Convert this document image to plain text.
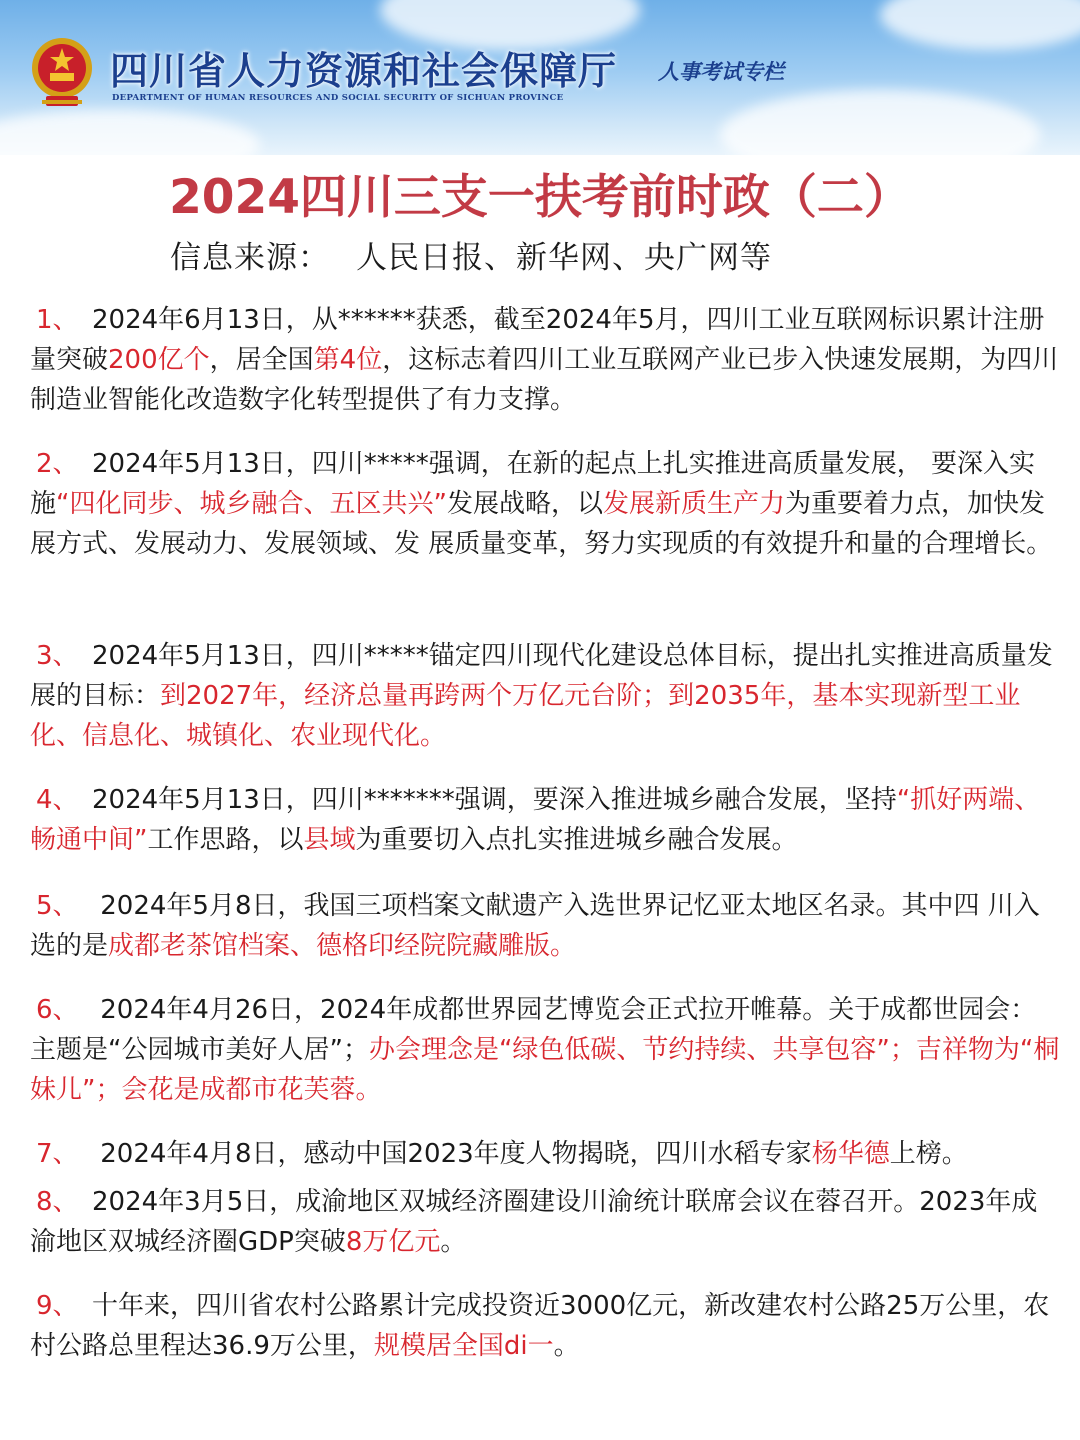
四川省人力资源和社会保障厅
DEPARTMENT OF HUMAN RESOURCES AND SOCIAL SECURITY OF SICHUAN PROVINCE
人事考试专栏
2024四川三支一扶考前时政（二）
信息来源： 人民日报、新华网、央广网等
1、 2024年6月13日，从******获悉，截至2024年5月，四川工业互联网标识累计注册量突破200亿个，居全国第4位，这标志着四川工业互联网产业已步入快速发展期，为四川制造业智能化改造数字化转型提供了有力支撑。
2、 2024年5月13日，四川*****强调，在新的起点上扎实推进高质量发展， 要深入实施“四化同步、城乡融合、五区共兴”发展战略，以发展新质生产力为重要着力点，加快发展方式、发展动力、发展领域、发 展质量变革，努力实现质的有效提升和量的合理增长。
3、 2024年5月13日，四川*****锚定四川现代化建设总体目标，提出扎实推进高质量发展的目标：到2027年，经济总量再跨两个万亿元台阶；到2035年，基本实现新型工业化、信息化、城镇化、农业现代化。
4、 2024年5月13日，四川*******强调，要深入推进城乡融合发展，坚持“抓好两端、畅通中间”工作思路，以县域为重要切入点扎实推进城乡融合发展。
5、 2024年5月8日，我国三项档案文献遗产入选世界记忆亚太地区名录。其中四 川入选的是成都老茶馆档案、德格印经院院藏雕版。
6、 2024年4月26日，2024年成都世界园艺博览会正式拉开帷幕。关于成都世园会：主题是“公园城市美好人居”；办会理念是“绿色低碳、节约持续、共享包容”；吉祥物为“桐妹儿”；会花是成都市花芙蓉。
7、 2024年4月8日，感动中国2023年度人物揭晓，四川水稻专家杨华德上榜。
8、 2024年3月5日，成渝地区双城经济圈建设川渝统计联席会议在蓉召开。2023年成渝地区双城经济圈GDP突破8万亿元。
9、 十年来，四川省农村公路累计完成投资近3000亿元，新改建农村公路25万公里，农村公路总里程达36.9万公里，规模居全国di一。
